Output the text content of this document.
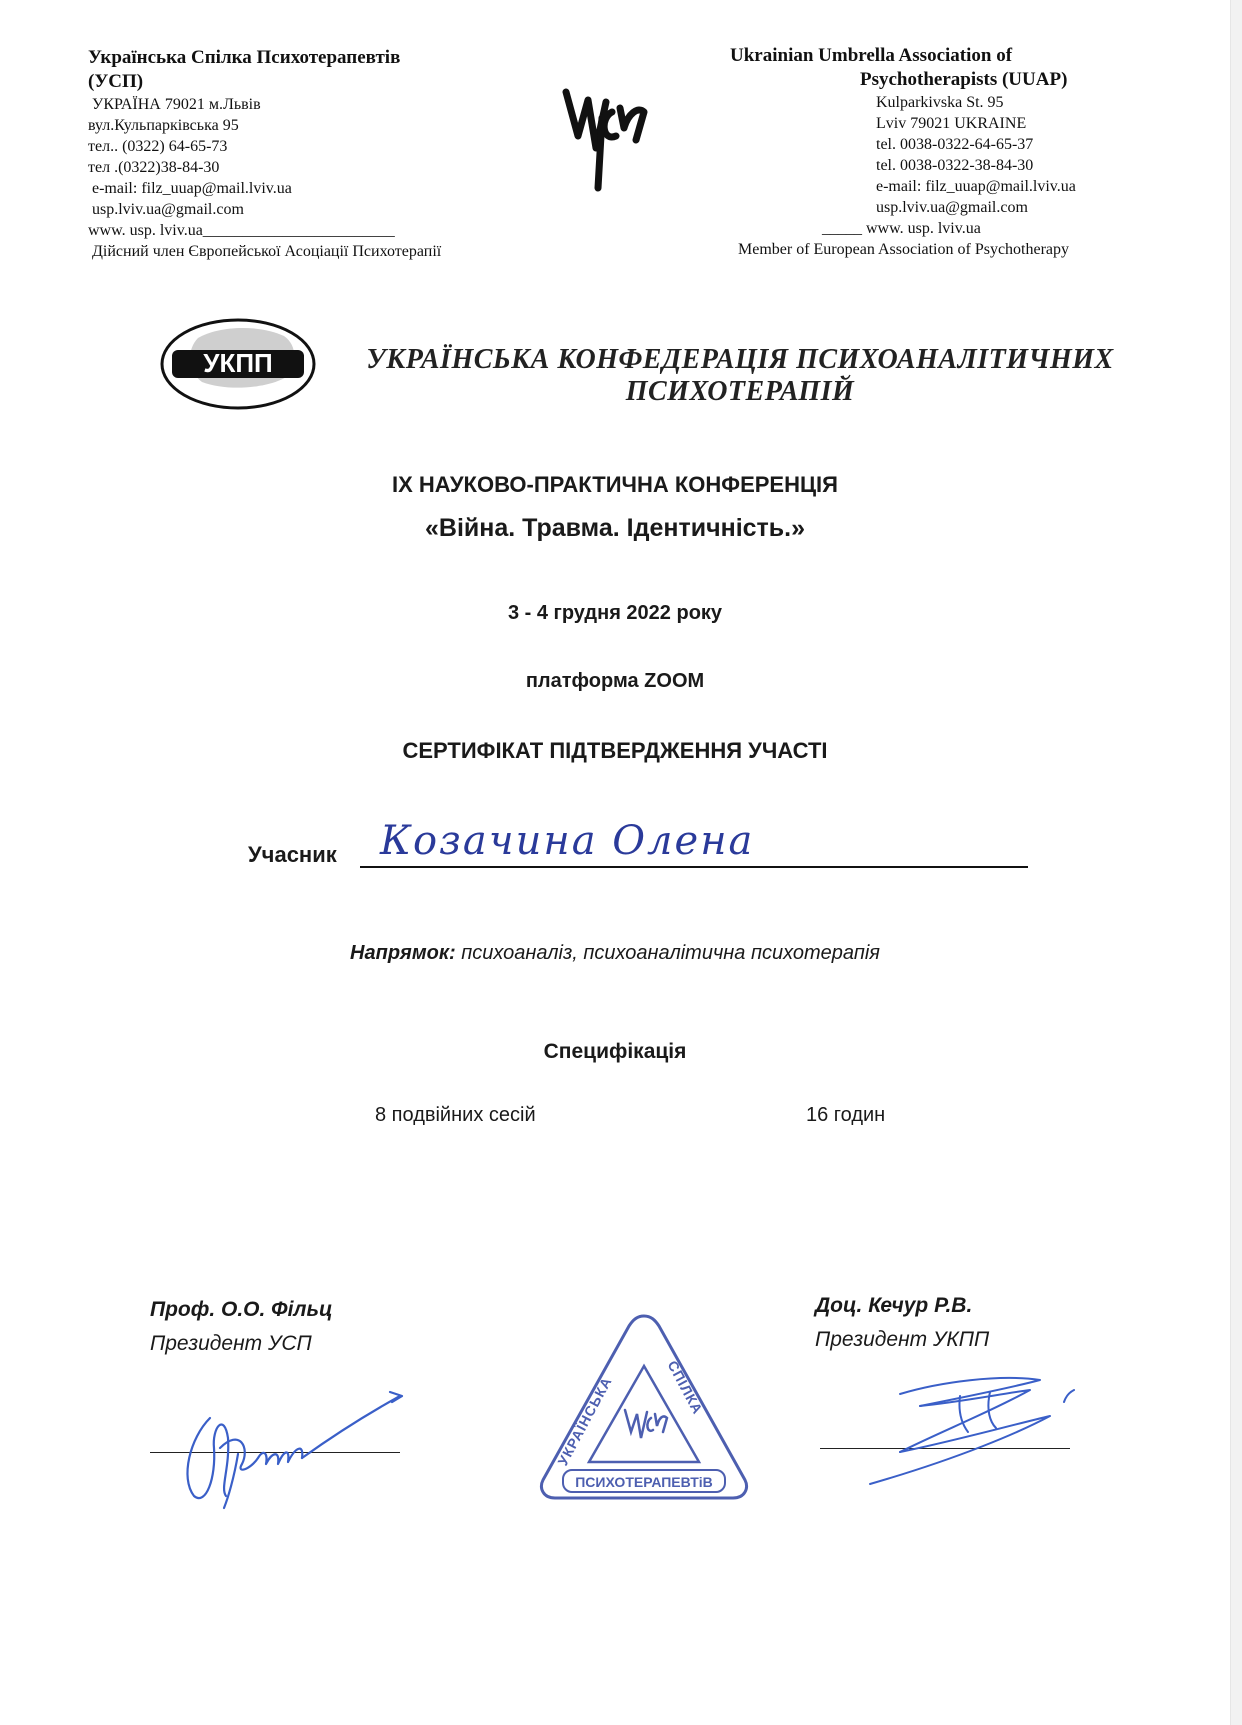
Українська Спілка Психотерапевтів
(УСП)
УКРАЇНА 79021 м.Львів
вул.Кульпарківська 95
тел.. (0322) 64-65-73
тел .(0322)38-84-30
e-mail: filz_uuap@mail.lviv.ua
usp.lviv.ua@gmail.com
www. usp. lviv.ua________________________
Дійсний член Європейської Асоціації Психотерапії
Ukrainian Umbrella Association of
Psychotherapists (UUAP)
Kulparkivska St. 95
Lviv 79021 UKRAINE
tel. 0038-0322-64-65-37
tel. 0038-0322-38-84-30
e-mail: filz_uuap@mail.lviv.ua
usp.lviv.ua@gmail.com
_____ www. usp. lviv.ua
Member of European Association of Psychotherapy
УКПП	УКРАЇНСЬКА КОНФЕДЕРАЦІЯ ПСИХОАНАЛІТИЧНИХ
ПСИХОТЕРАПІЙ
ІХ НАУКОВО-ПРАКТИЧНА КОНФЕРЕНЦІЯ
«Війна. Травма. Ідентичність.»
3 - 4 грудня 2022 року
платформа ZOOM
СЕРТИФІКАТ ПІДТВЕРДЖЕННЯ УЧАСТІ
Учасник Козачина Олена
Напрямок: психоаналіз, психоаналітична психотерапія
Специфікація
8 подвійних сесій	16 годин
Проф. О.О. Фільц
Президент УСП
Доц. Кечур Р.В.
Президент УКПП
УКРАЇНСЬКА
СПІЛКА
ПСИХОТЕРАПЕВТіВ
